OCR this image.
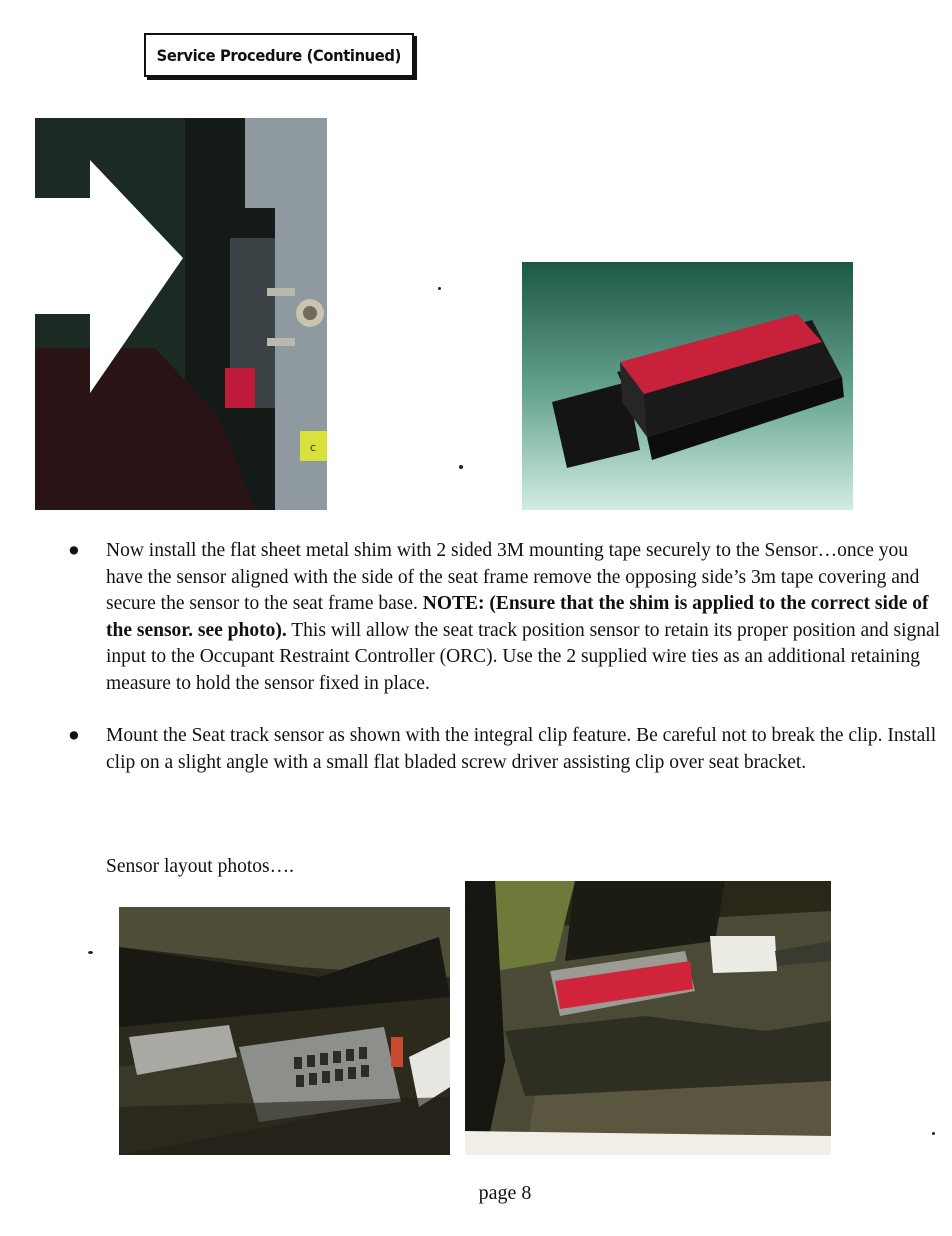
Service Procedure (Continued)
c
● Now install the flat sheet metal shim with 2 sided 3M mounting tape securely to the Sensor…once you have the sensor aligned with the side of the seat frame remove the opposing side’s 3m tape covering and secure the sensor to the seat frame base. NOTE: (Ensure that the shim is applied to the correct side of the sensor. see photo). This will allow the seat track position sensor to retain its proper position and signal input to the Occupant Restraint Controller (ORC). Use the 2 supplied wire ties as an additional retaining measure to hold the sensor fixed in place.
● Mount the Seat track sensor as shown with the integral clip feature. Be careful not to break the clip. Install clip on a slight angle with a small flat bladed screw driver assisting clip over seat bracket.
Sensor layout photos….
page 8
